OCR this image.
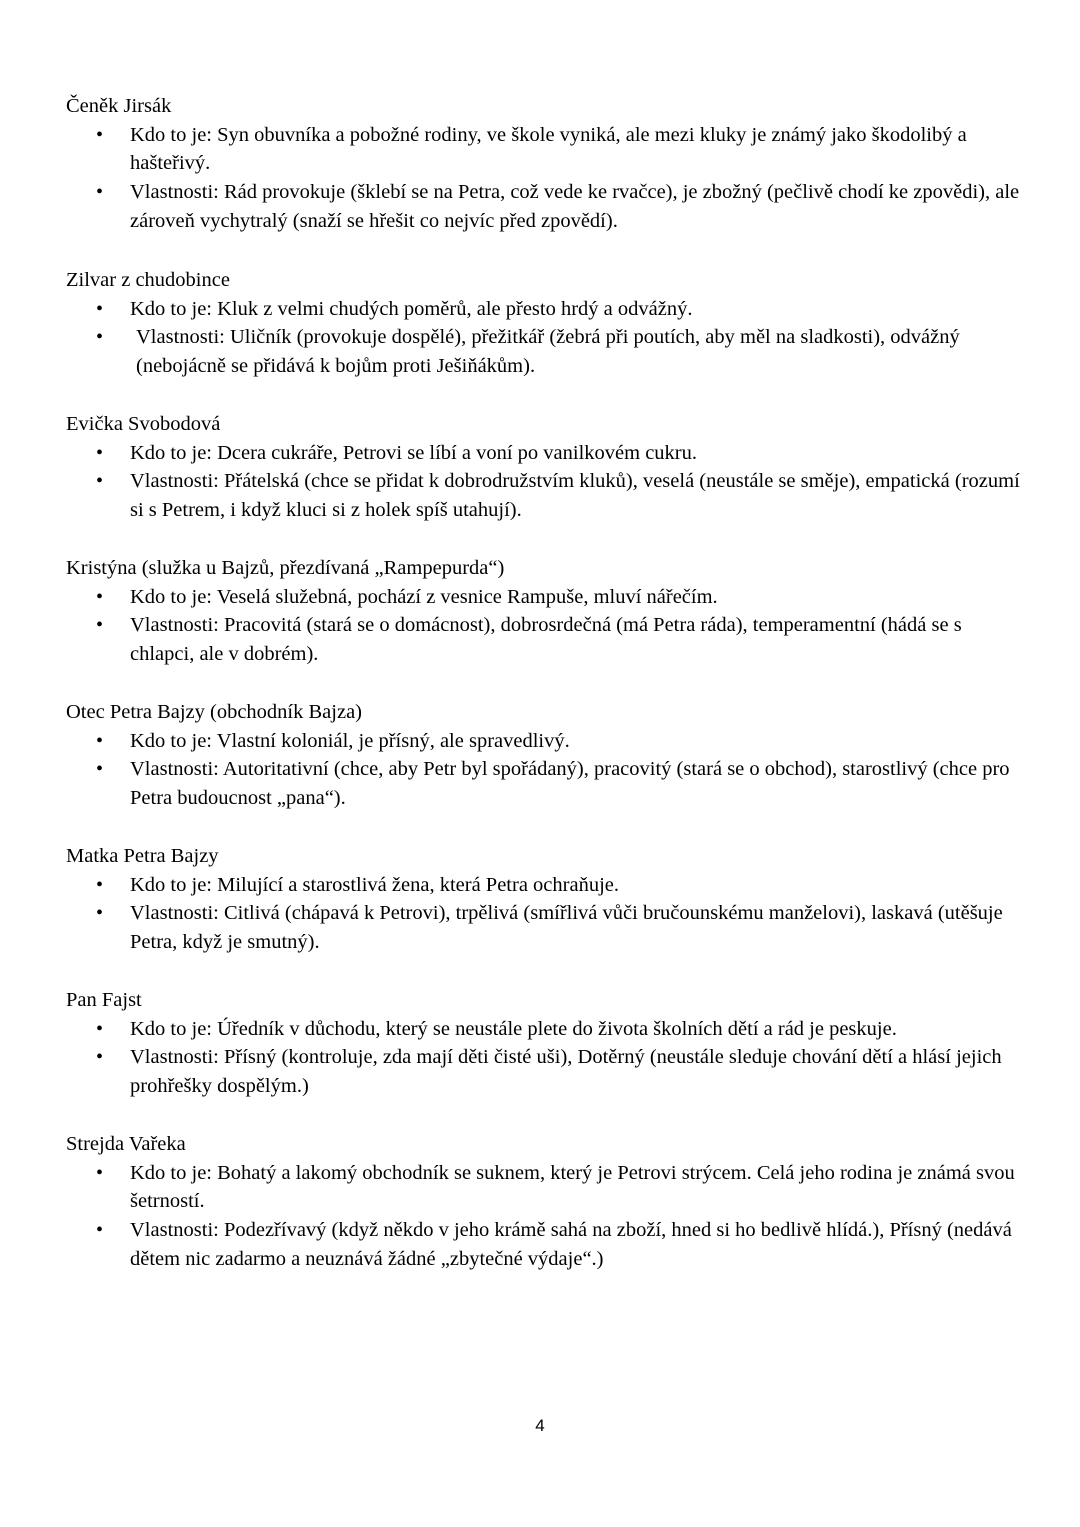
Čeněk Jirsák

• Kdo to je: Syn obuvníka a pobožné rodiny, ve škole vyniká, ale mezi kluky je známý jako škodolibý a hašteřivý.
• Vlastnosti: Rád provokuje (šklebí se na Petra, což vede ke rvačce), je zbožný (pečlivě chodí ke zpovědi), ale zároveň vychytralý (snaží se hřešit co nejvíc před zpovědí).

Zilvar z chudobince

• Kdo to je: Kluk z velmi chudých poměrů, ale přesto hrdý a odvážný.
• Vlastnosti: Uličník (provokuje dospělé), přežitkář (žebrá při poutích, aby měl na sladkosti), odvážný (nebojácně se přidává k bojům proti Ješiňákům).

Evička Svobodová

• Kdo to je: Dcera cukráře, Petrovi se líbí a voní po vanilkovém cukru.
• Vlastnosti: Přátelská (chce se přidat k dobrodružstvím kluků), veselá (neustále se směje), empatická (rozumí si s Petrem, i když kluci si z holek spíš utahují).

Kristýna (služka u Bajzů, přezdívaná „Rampepurda“)

• Kdo to je: Veselá služebná, pochází z vesnice Rampuše, mluví nářečím.
• Vlastnosti: Pracovitá (stará se o domácnost), dobrosrdečná (má Petra ráda), temperamentní (hádá se s chlapci, ale v dobrém).

Otec Petra Bajzy (obchodník Bajza)

• Kdo to je: Vlastní koloniál, je přísný, ale spravedlivý.
• Vlastnosti: Autoritativní (chce, aby Petr byl spořádaný), pracovitý (stará se o obchod), starostlivý (chce pro Petra budoucnost „pana“).

Matka Petra Bajzy

• Kdo to je: Milující a starostlivá žena, která Petra ochraňuje.
• Vlastnosti: Citlivá (chápavá k Petrovi), trpělivá (smířlivá vůči bručounskému manželovi), laskavá (utěšuje Petra, když je smutný).

Pan Fajst

• Kdo to je: Úředník v důchodu, který se neustále plete do života školních dětí a rád je peskuje.
• Vlastnosti: Přísný (kontroluje, zda mají děti čisté uši), Dotěrný (neustále sleduje chování dětí a hlásí jejich prohřešky dospělým.)

Strejda Vařeka

• Kdo to je: Bohatý a lakomý obchodník se suknem, který je Petrovi strýcem. Celá jeho rodina je známá svou šetrností.
• Vlastnosti: Podezřívavý (když někdo v jeho krámě sahá na zboží, hned si ho bedlivě hlídá.), Přísný (nedává dětem nic zadarmo a neuznává žádné „zbytečné výdaje“.)
4
